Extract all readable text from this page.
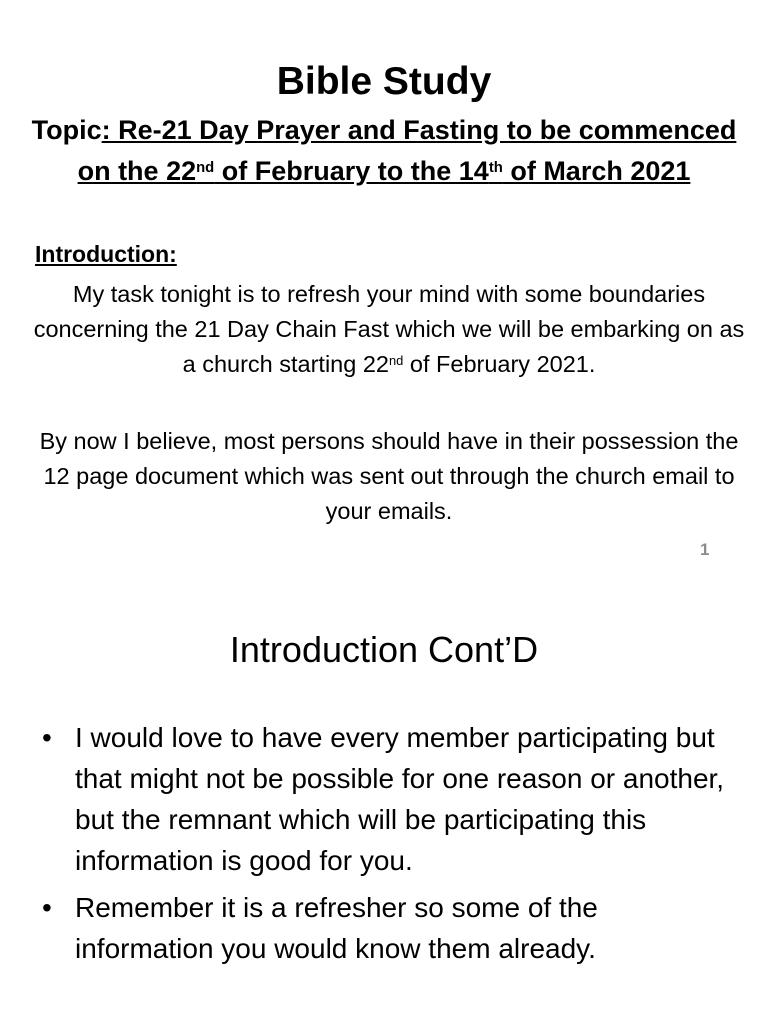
Bible Study
Topic: Re-21 Day Prayer and Fasting to be commenced on the 22nd of February to the 14th of March 2021
Introduction:
My task tonight is to refresh your mind with some boundaries concerning the 21 Day Chain Fast which we will be embarking on as a church starting 22nd of February 2021.
By now I believe, most persons should have in their possession the 12 page document which was sent out through the church email to your emails.
1
Introduction Cont’D
• I would love to have every member participating but that might not be possible for one reason or another, but the remnant which will be participating this information is good for you.
• Remember it is a refresher so some of the information you would know them already.
